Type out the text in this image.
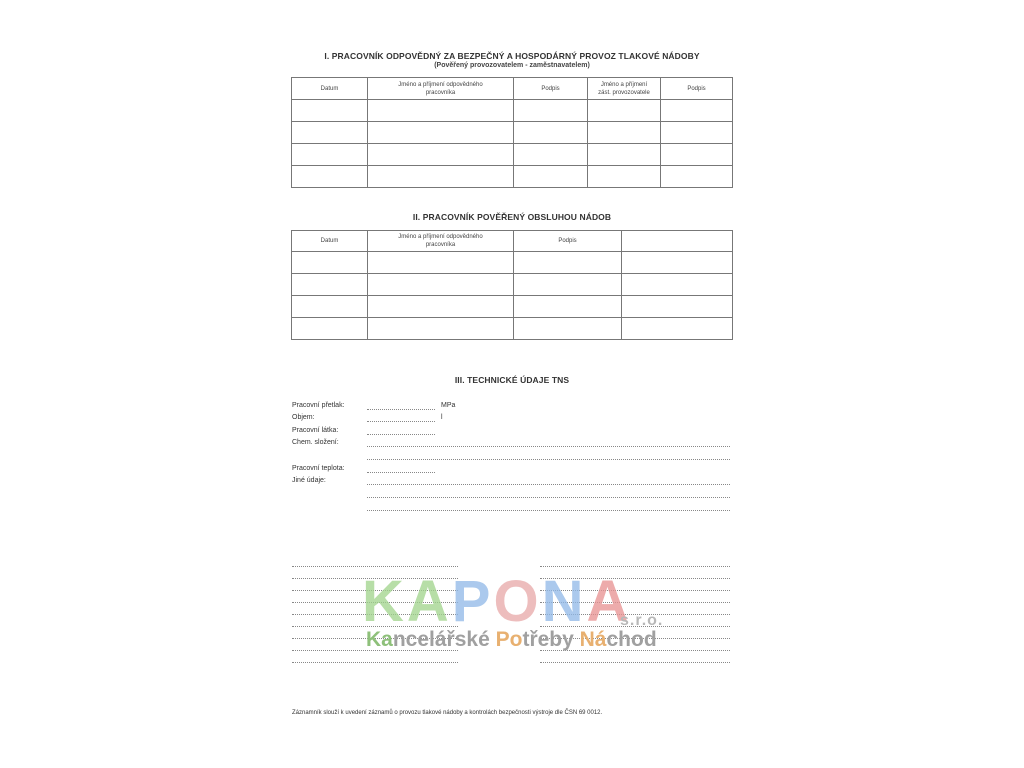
I. PRACOVNÍK ODPOVĚDNÝ ZA BEZPEČNÝ A HOSPODÁRNÝ PROVOZ TLAKOVÉ NÁDOBY
(Pověřený provozovatelem - zaměstnavatelem)
Datum	Jméno a příjmení odpovědného pracovníka	Podpis	Jméno a příjmení zást. provozovatele	Podpis

II. PRACOVNÍK POVĚŘENÝ OBSLUHOU NÁDOB
Datum	Jméno a příjmení odpovědného pracovníka	Podpis	

III. TECHNICKÉ ÚDAJE TNS
Pracovní přetlak:	MPa
Objem:	l
Pracovní látka:
Chem. složení:
Pracovní teplota:
Jiné údaje:
KAPONA
s.r.o.
Kancelářské Potřeby Náchod
Záznamník slouží k uvedení záznamů o provozu tlakové nádoby a kontrolách bezpečnosti výstroje dle ČSN 69 0012.
